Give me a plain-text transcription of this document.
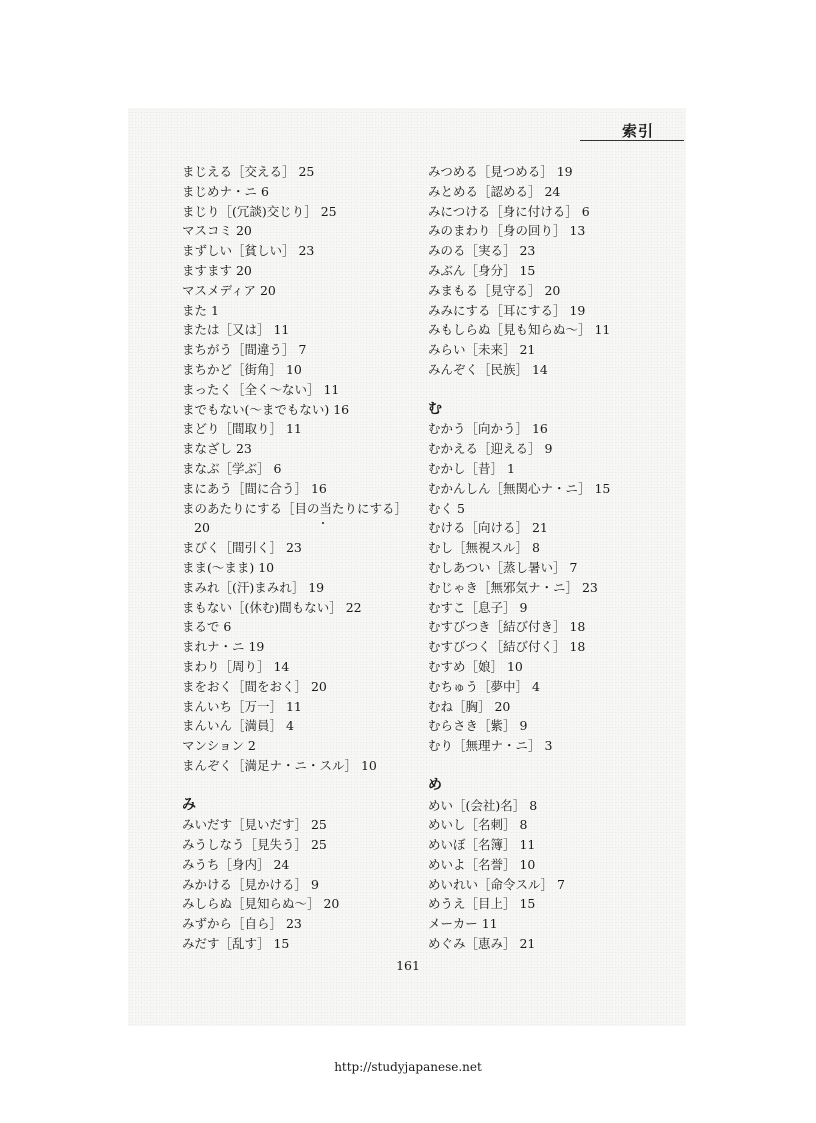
索引
まじえる［交える］ 25
まじめナ・ニ 6
まじり［(冗談)交じり］ 25
マスコミ 20
まずしい［貧しい］ 23
ますます 20
マスメディア 20
また 1
または［又は］ 11
まちがう［間違う］ 7
まちかど［街角］ 10
まったく［全く～ない］ 11
までもない(～までもない) 16
まどり［間取り］ 11
まなざし 23
まなぶ［学ぶ］ 6
まにあう［間に合う］ 16
まのあたりにする［目の当たりにする］
20
まびく［間引く］ 23
まま(～まま) 10
まみれ［(汗)まみれ］ 19
まもない［(休む)間もない］ 22
まるで 6
まれナ・ニ 19
まわり［周り］ 14
まをおく［間をおく］ 20
まんいち［万一］ 11
まんいん［満員］ 4
マンション 2
まんぞく［満足ナ・ニ・スル］ 10
み
みいだす［見いだす］ 25
みうしなう［見失う］ 25
みうち［身内］ 24
みかける［見かける］ 9
みしらぬ［見知らぬ～］ 20
みずから［自ら］ 23
みだす［乱す］ 15
みつめる［見つめる］ 19
みとめる［認める］ 24
みにつける［身に付ける］ 6
みのまわり［身の回り］ 13
みのる［実る］ 23
みぶん［身分］ 15
みまもる［見守る］ 20
みみにする［耳にする］ 19
みもしらぬ［見も知らぬ～］ 11
みらい［未来］ 21
みんぞく［民族］ 14
む
むかう［向かう］ 16
むかえる［迎える］ 9
むかし［昔］ 1
むかんしん［無関心ナ・ニ］ 15
むく 5
むける［向ける］ 21
むし［無視スル］ 8
むしあつい［蒸し暑い］ 7
むじゃき［無邪気ナ・ニ］ 23
むすこ［息子］ 9
むすびつき［結び付き］ 18
むすびつく［結び付く］ 18
むすめ［娘］ 10
むちゅう［夢中］ 4
むね［胸］ 20
むらさき［紫］ 9
むり［無理ナ・ニ］ 3
め
めい［(会社)名］ 8
めいし［名刺］ 8
めいぼ［名簿］ 11
めいよ［名誉］ 10
めいれい［命令スル］ 7
めうえ［目上］ 15
メーカー 11
めぐみ［恵み］ 21
161
http://studyjapanese.net
